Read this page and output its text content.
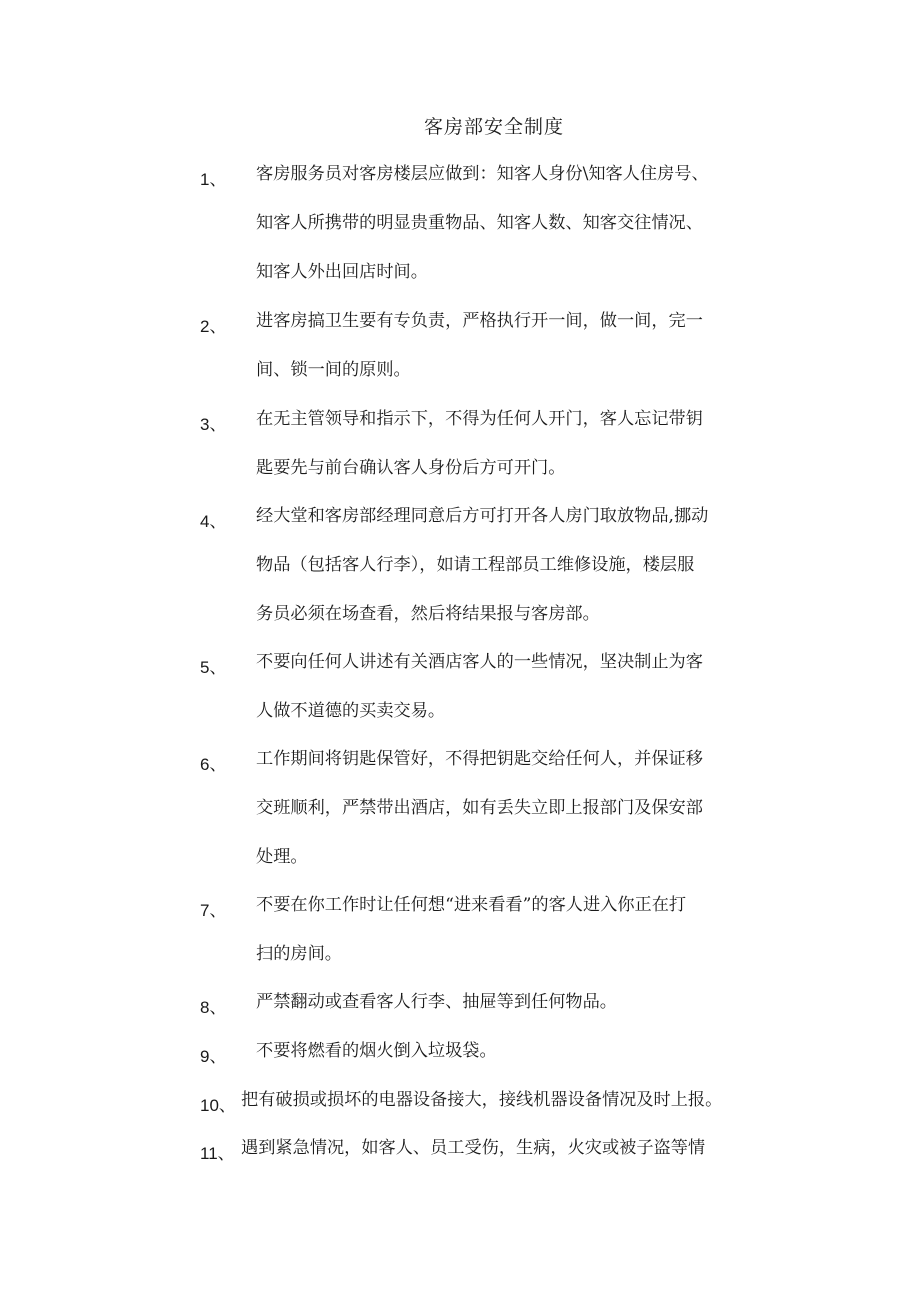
客房部安全制度
1、 客房服务员对客房楼层应做到：知客人身份\知客人住房号、
知客人所携带的明显贵重物品、知客人数、知客交往情况、
知客人外出回店时间。
2、 进客房搞卫生要有专负责，严格执行开一间，做一间，完一
间、锁一间的原则。
3、 在无主管领导和指示下，不得为任何人开门，客人忘记带钥
匙要先与前台确认客人身份后方可开门。
4、 经大堂和客房部经理同意后方可打开各人房门取放物品,挪动
物品（包括客人行李），如请工程部员工维修设施，楼层服
务员必须在场查看，然后将结果报与客房部。
5、 不要向任何人讲述有关酒店客人的一些情况，坚决制止为客
人做不道德的买卖交易。
6、 工作期间将钥匙保管好，不得把钥匙交给任何人，并保证移
交班顺利，严禁带出酒店，如有丢失立即上报部门及保安部
处理。
7、 不要在你工作时让任何想“进来看看”的客人进入你正在打
扫的房间。
8、 严禁翻动或查看客人行李、抽屉等到任何物品。
9、 不要将燃看的烟火倒入垃圾袋。
10、 把有破损或损坏的电器设备接大，接线机器设备情况及时上报。
11、 遇到紧急情况，如客人、员工受伤，生病，火灾或被子盗等情
